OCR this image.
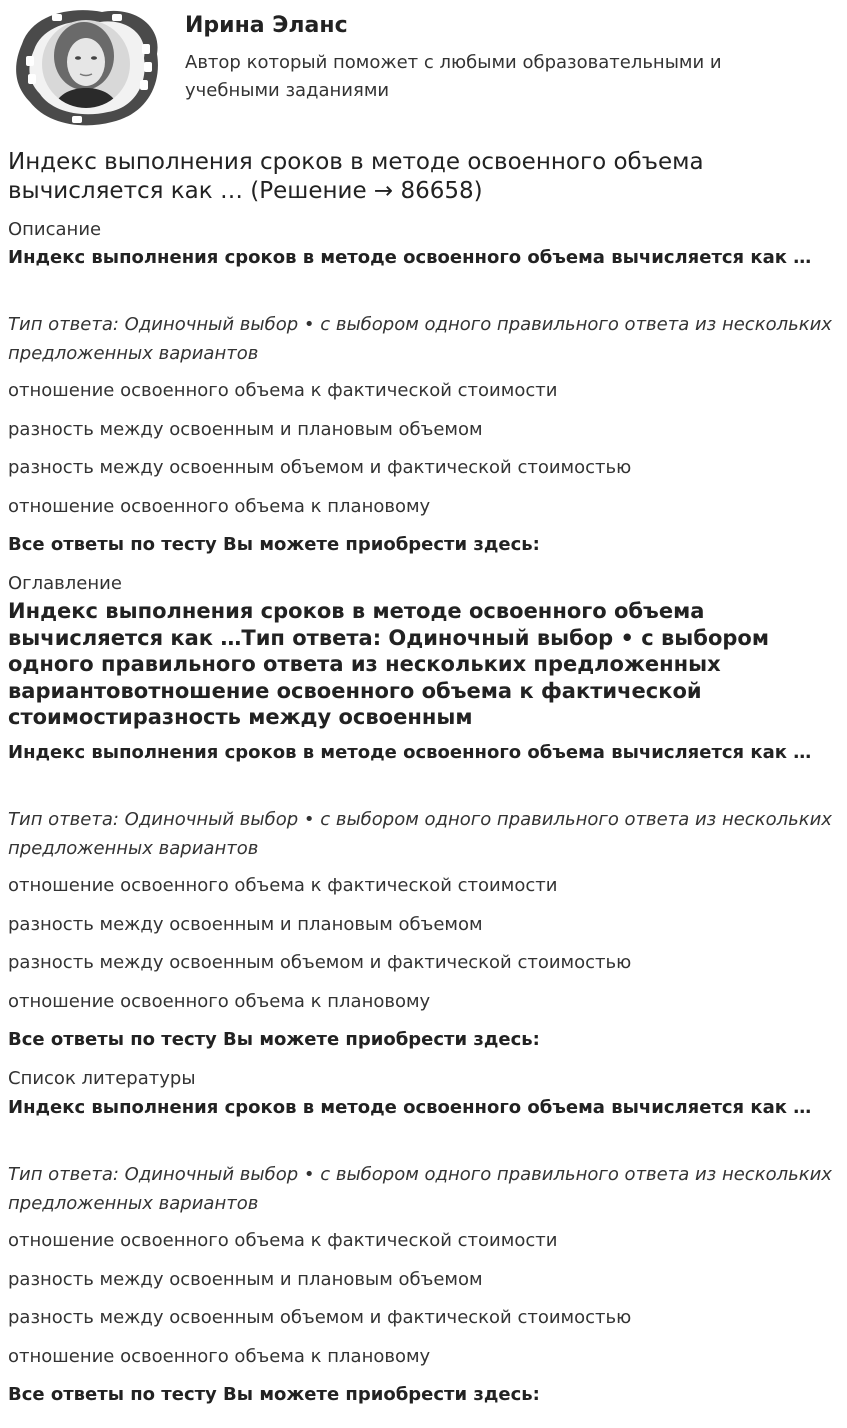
Ирина Эланс
Автор который поможет с любыми образовательными и учебными заданиями
Индекс выполнения сроков в методе освоенного объема вычисляется как … (Решение → 86658)
Описание
Индекс выполнения сроков в методе освоенного объема вычисляется как …
Тип ответа: Одиночный выбор • с выбором одного правильного ответа из нескольких предложенных вариантов
отношение освоенного объема к фактической стоимости
разность между освоенным и плановым объемом
разность между освоенным объемом и фактической стоимостью
отношение освоенного объема к плановому
Все ответы по тесту Вы можете приобрести здесь:
Оглавление
Индекс выполнения сроков в методе освоенного объема вычисляется как …Тип ответа: Одиночный выбор • с выбором одного правильного ответа из нескольких предложенных вариантовотношение освоенного объема к фактической стоимостиразность между освоенным
Индекс выполнения сроков в методе освоенного объема вычисляется как …
Тип ответа: Одиночный выбор • с выбором одного правильного ответа из нескольких предложенных вариантов
отношение освоенного объема к фактической стоимости
разность между освоенным и плановым объемом
разность между освоенным объемом и фактической стоимостью
отношение освоенного объема к плановому
Все ответы по тесту Вы можете приобрести здесь:
Список литературы
Индекс выполнения сроков в методе освоенного объема вычисляется как …
Тип ответа: Одиночный выбор • с выбором одного правильного ответа из нескольких предложенных вариантов
отношение освоенного объема к фактической стоимости
разность между освоенным и плановым объемом
разность между освоенным объемом и фактической стоимостью
отношение освоенного объема к плановому
Все ответы по тесту Вы можете приобрести здесь:
